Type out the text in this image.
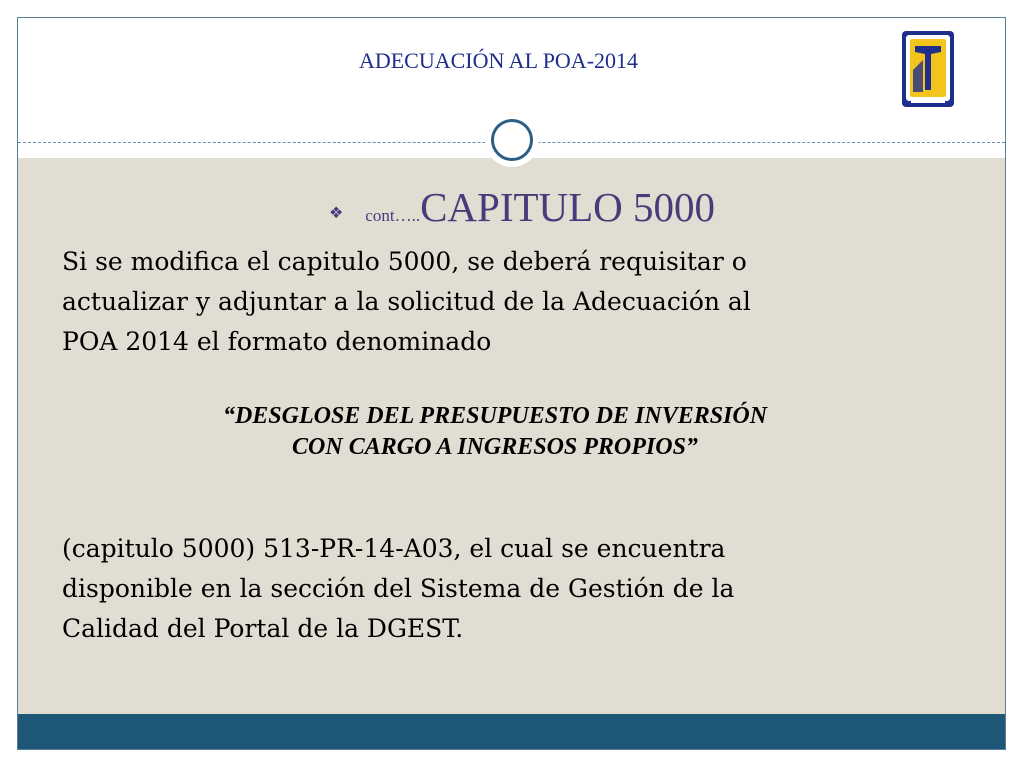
ADECUACIÓN AL POA-2014
❖ cont…..CAPITULO 5000
Si se modifica el capitulo 5000, se deberá requisitar o
actualizar y adjuntar a la solicitud de la Adecuación al
POA 2014 el formato denominado
“DESGLOSE DEL PRESUPUESTO DE INVERSIÓN
CON CARGO A INGRESOS PROPIOS”
(capitulo 5000) 513-PR-14-A03, el cual se encuentra
disponible en la sección del Sistema de Gestión de la
Calidad del Portal de la DGEST.
